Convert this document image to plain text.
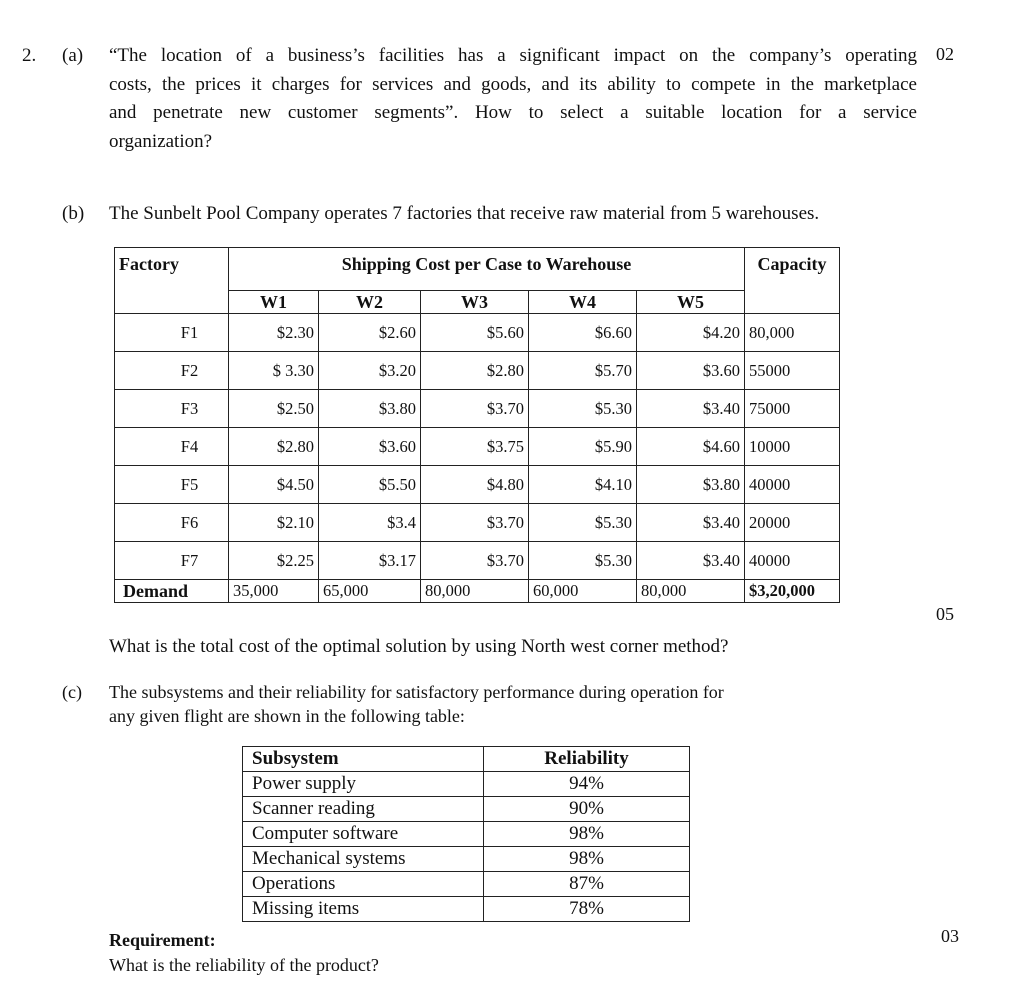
2. (a) “The location of a business’s facilities has a significant impact on the company’s operating
costs, the prices it charges for services and goods, and its ability to compete in the marketplace
and penetrate new customer segments”. How to select a suitable location for a service
organization?
02
(b) The Sunbelt Pool Company operates 7 factories that receive raw material from 5 warehouses.
Factory	Shipping Cost per Case to Warehouse					Capacity
	W1	W2	W3	W4	W5	
F1	$2.30	$2.60	$5.60	$6.60	$4.20	80,000
F2	$ 3.30	$3.20	$2.80	$5.70	$3.60	55000
F3	$2.50	$3.80	$3.70	$5.30	$3.40	75000
F4	$2.80	$3.60	$3.75	$5.90	$4.60	10000
F5	$4.50	$5.50	$4.80	$4.10	$3.80	40000
F6	$2.10	$3.4	$3.70	$5.30	$3.40	20000
F7	$2.25	$3.17	$3.70	$5.30	$3.40	40000
Demand	35,000	65,000	80,000	60,000	80,000	$3,20,000
05
What is the total cost of the optimal solution by using North west corner method?
(c) The subsystems and their reliability for satisfactory performance during operation for
any given flight are shown in the following table:
Subsystem	Reliability
Power supply	94%
Scanner reading	90%
Computer software	98%
Mechanical systems	98%
Operations	87%
Missing items	78%
Requirement:
What is the reliability of the product?
03
